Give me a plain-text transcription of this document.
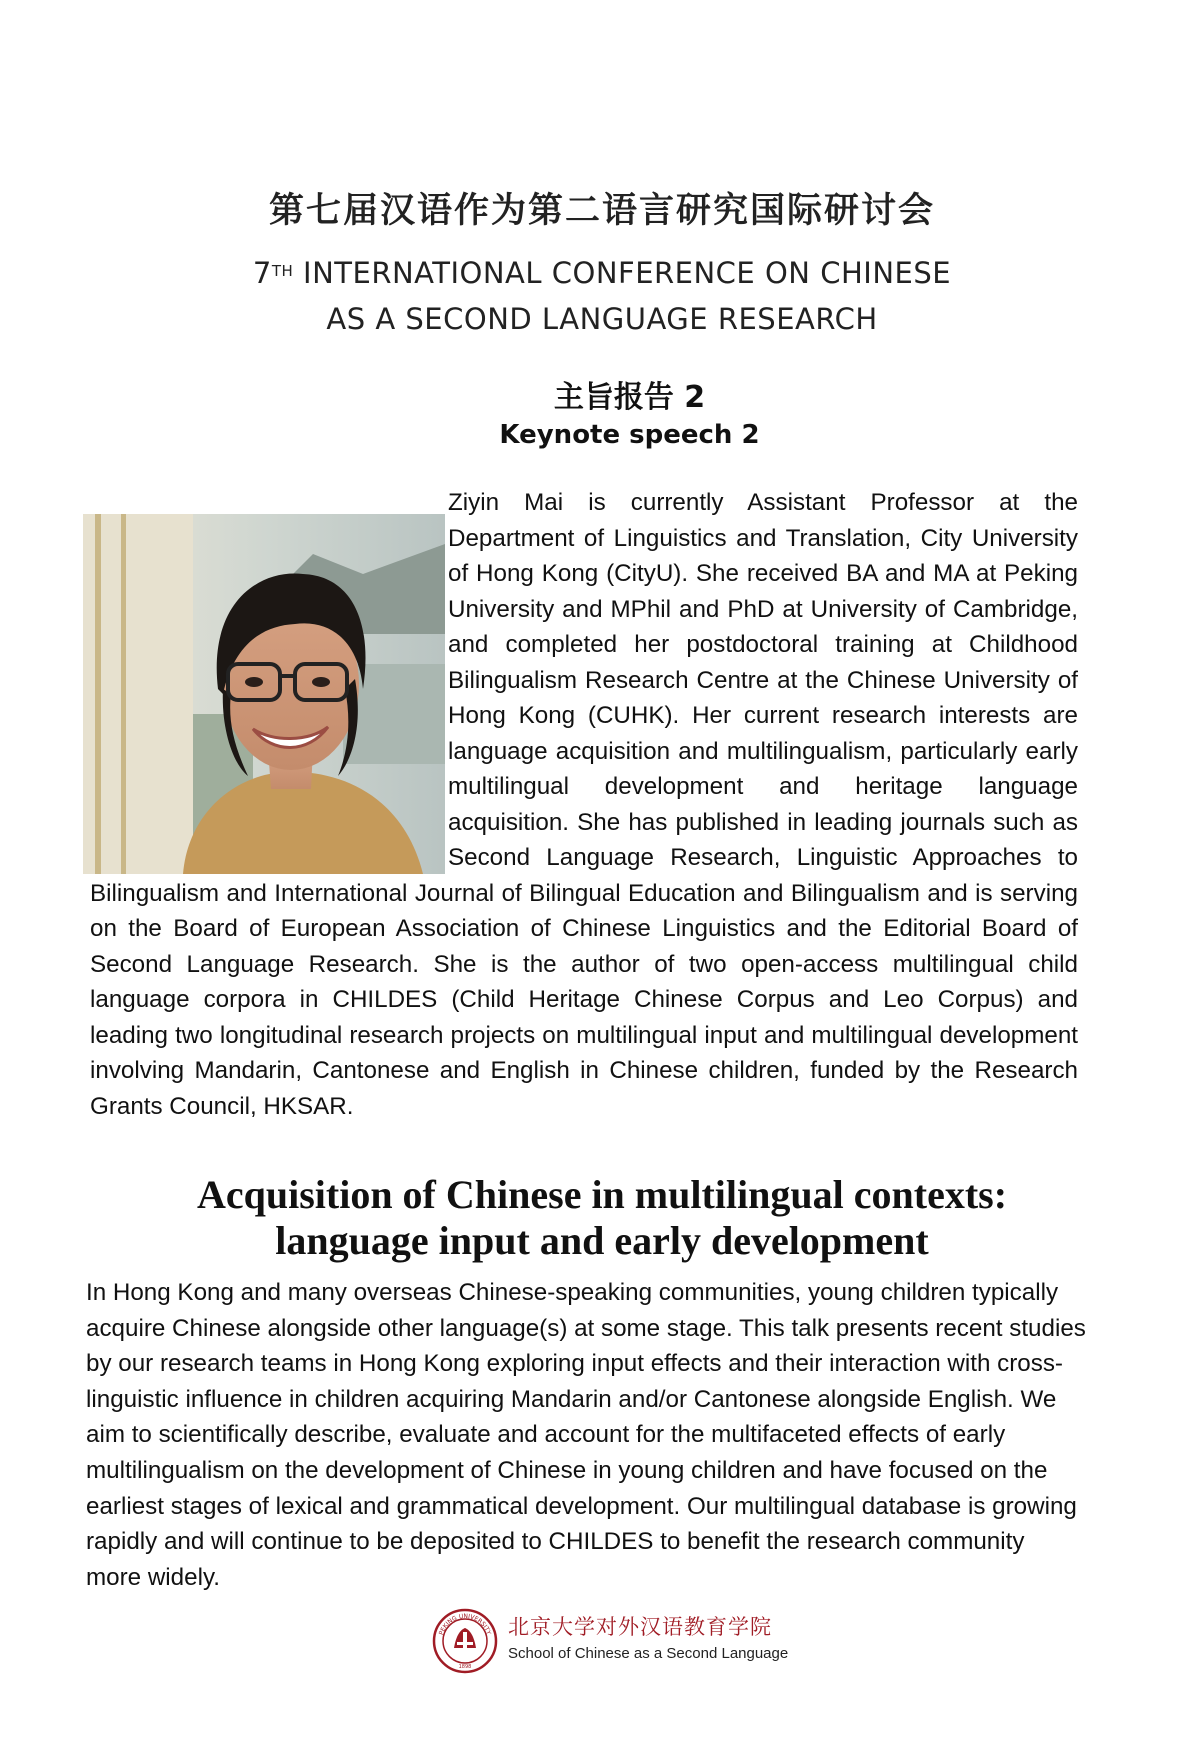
第七届汉语作为第二语言研究国际研讨会
7TH INTERNATIONAL CONFERENCE ON CHINESE
AS A SECOND LANGUAGE RESEARCH
主旨报告 2
Keynote speech 2
Ziyin Mai is currently Assistant Professor at the Department of Linguistics and Translation, City University of Hong Kong (CityU). She received BA and MA at Peking University and MPhil and PhD at University of Cambridge, and completed her postdoctoral training at Childhood Bilingualism Research Centre at the Chinese University of Hong Kong (CUHK). Her current research interests are language acquisition and multilingualism, particularly early multilingual development and heritage language acquisition. She has published in leading journals such as Second Language Research, Linguistic Approaches to Bilingualism and International Journal of Bilingual Education and Bilingualism and is serving on the Board of European Association of Chinese Linguistics and the Editorial Board of Second Language Research. She is the author of two open-access multilingual child language corpora in CHILDES (Child Heritage Chinese Corpus and Leo Corpus) and leading two longitudinal research projects on multilingual input and multilingual development involving Mandarin, Cantonese and English in Chinese children, funded by the Research Grants Council, HKSAR.
Acquisition of Chinese in multilingual contexts:
language input and early development
In Hong Kong and many overseas Chinese-speaking communities, young children typically acquire Chinese alongside other language(s) at some stage. This talk presents recent studies by our research teams in Hong Kong exploring input effects and their interaction with cross-linguistic influence in children acquiring Mandarin and/or Cantonese alongside English. We aim to scientifically describe, evaluate and account for the multifaceted effects of early multilingualism on the development of Chinese in young children and have focused on the earliest stages of lexical and grammatical development. Our multilingual database is growing rapidly and will continue to be deposited to CHILDES to benefit the research community more widely.
PEKING UNIVERSITY
1898
北京大学对外汉语教育学院
School of Chinese as a Second Language
